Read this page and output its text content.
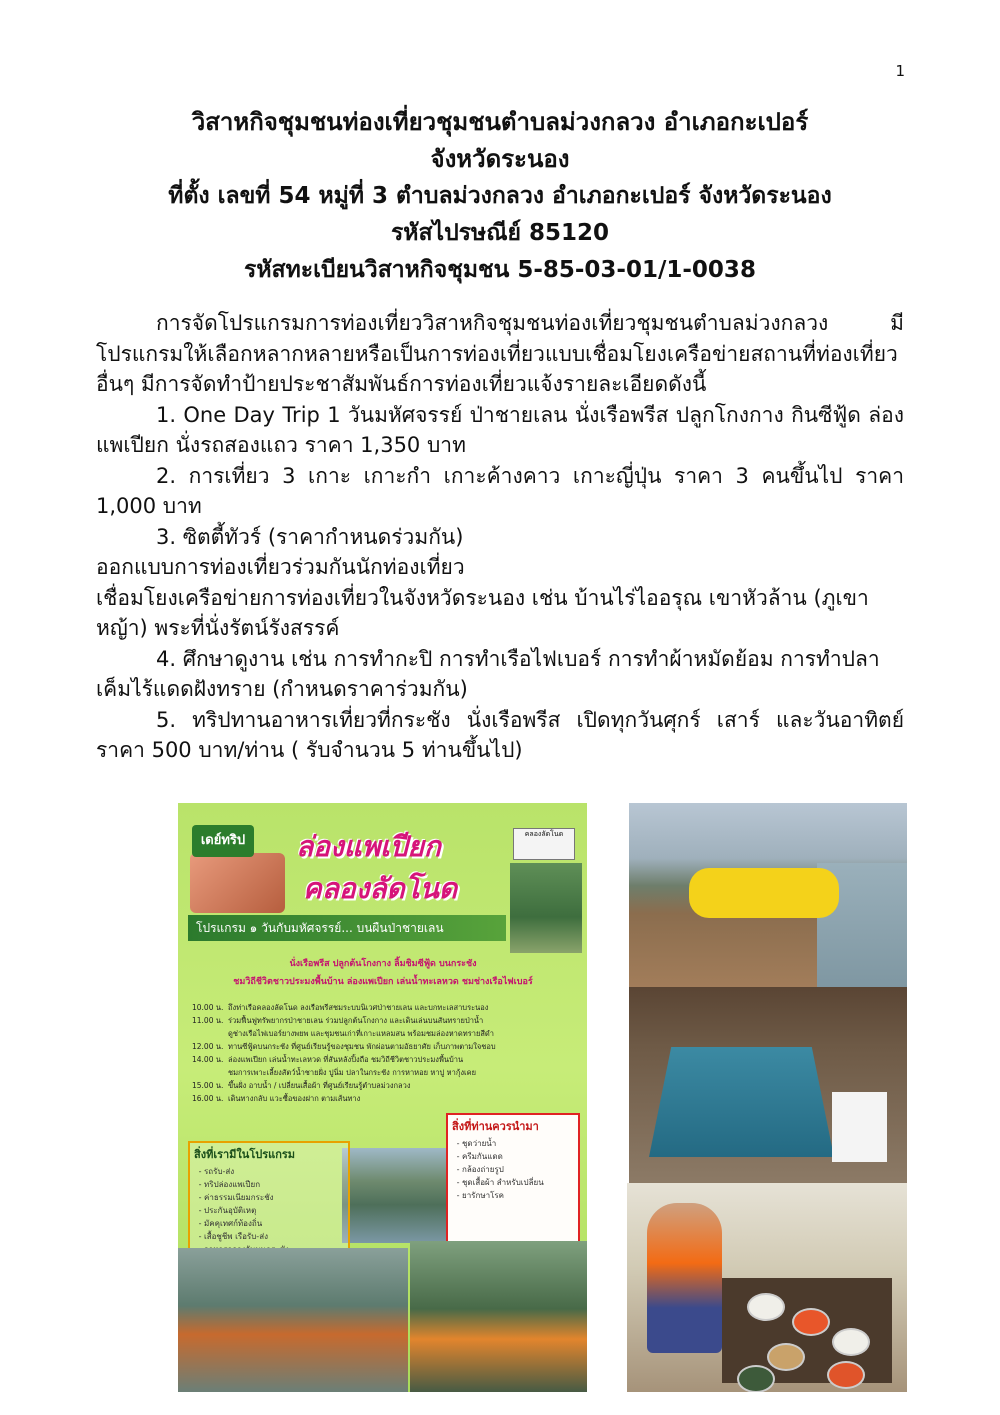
1
วิสาหกิจชุมชนท่องเที่ยวชุมชนตำบลม่วงกลวง อำเภอกะเปอร์
จังหวัดระนอง
ที่ตั้ง เลขที่ 54 หมู่ที่ 3 ตำบลม่วงกลวง อำเภอกะเปอร์ จังหวัดระนอง
รหัสไปรษณีย์ 85120
รหัสทะเบียนวิสาหกิจชุมชน 5-85-03-01/1-0038

การจัดโปรแกรมการท่องเที่ยววิสาหกิจชุมชนท่องเที่ยวชุมชนตำบลม่วงกลวง มีโปรแกรมให้เลือกหลากหลายหรือเป็นการท่องเที่ยวแบบเชื่อมโยงเครือข่ายสถานที่ท่องเที่ยวอื่นๆ มีการจัดทำป้ายประชาสัมพันธ์การท่องเที่ยวแจ้งรายละเอียดดังนี้

1. One Day Trip 1 วันมหัศจรรย์ ป่าชายเลน นั่งเรือพรีส ปลูกโกงกาง กินซีฟู้ด ล่องแพเปียก นั่งรถสองแถว ราคา 1,350 บาท

2. การเที่ยว 3 เกาะ เกาะกำ เกาะค้างคาว เกาะญี่ปุ่น ราคา 3 คนขึ้นไป ราคา 1,000 บาท

3. ซิตตี้ทัวร์ (ราคากำหนดร่วมกัน)

ออกแบบการท่องเที่ยวร่วมกันนักท่องเที่ยว

เชื่อมโยงเครือข่ายการท่องเที่ยวในจังหวัดระนอง เช่น บ้านไร่ไออรุณ เขาหัวล้าน (ภูเขาหญ้า) พระที่นั่งรัตน์รังสรรค์

4. ศึกษาดูงาน เช่น การทำกะปิ การทำเรือไฟเบอร์ การทำผ้าหมัดย้อม การทำปลาเค็มไร้แดดฝังทราย (กำหนดราคาร่วมกัน)

5. ทริปทานอาหารเที่ยวที่กระชัง นั่งเรือพรีส เปิดทุกวันศุกร์ เสาร์ และวันอาทิตย์ ราคา 500 บาท/ท่าน ( รับจำนวน 5 ท่านขึ้นไป)

เดย์ทริป	ล่องแพเปียก
คลองลัดโนด
คลองลัดโนด
โปรแกรม ๑ วันกับมหัศจรรย์... บนผืนป่าชายเลน
นั่งเรือพรีส ปลูกต้นโกงกาง ลิ้มชิมซีฟู้ด บนกระชัง
ชมวิถีชีวิตชาวประมงพื้นบ้าน ล่องแพเปียก เล่นน้ำทะเลหวด ชมช่างเรือไฟเบอร์
10.00 น. ถึงท่าเรือคลองลัดโนด ลงเรือพรีสชมระบบนิเวศป่าชายเลน และบกทะเลสาบระนอง
11.00 น. ร่วมฟื้นฟูทรัพยากรป่าชายเลน ร่วมปลูกต้นโกงกาง และเดินเล่นบนสันทรายป่าน้ำ
ดูช่างเรือไฟเบอร์ยางพยพ และชุมชนเก่าที่เกาะแหลมสน พร้อมชมล่องหาดทรายสีดำ
12.00 น. ทานซีฟู้ดบนกระชัง ที่ศูนย์เรียนรู้ของชุมชน พักผ่อนตามอัธยาศัย เก็บภาพตามใจชอบ
14.00 น. ล่องแพเปียก เล่นน้ำทะเลหวด ที่สันหลังปิ้งถือ ชมวิถีชีวิตชาวประมงพื้นบ้าน
ชมการเพาะเลี้ยงสัตว์น้ำชายฝั่ง ปูนิ่ม ปลาในกระชัง การหาหอย หาปู หากุ้งเคย
15.00 น. ขึ้นฝั่ง อาบน้ำ / เปลี่ยนเสื้อผ้า ที่ศูนย์เรียนรู้ตำบลม่วงกลวง
16.00 น. เดินทางกลับ แวะซื้อของฝาก ตามเส้นทาง
สิ่งที่เรามีในโปรแกรม
- รถรับ-ส่ง
- ทริปล่องแพเปียก
- ค่าธรรมเนียมกระชัง
- ประกันอุบัติเหตุ
- มัคคุเทศก์ท้องถิ่น
- เสื้อชูชีพ เรือรับ-ส่ง
-
-
สิ่งที่ท่านควรนำมา
- ชุดว่ายน้ำ
- ครีมกันแดด
- กล้องถ่ายรูป
- ชุดเสื้อผ้า สำหรับเปลี่ยน
- ยารักษาโรค
